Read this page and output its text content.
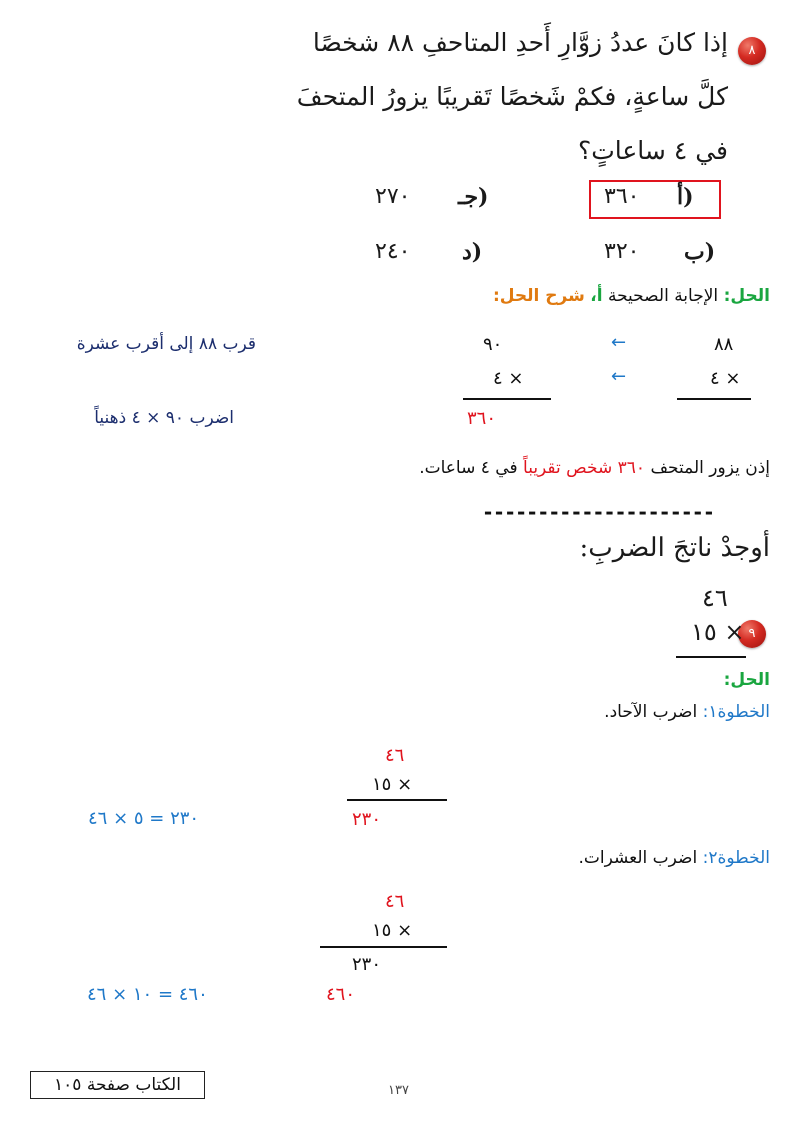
٨
إذا كانَ عددُ زوَّارِ أَحدِ المتاحفِ ٨٨ شخصًا
كلَّ ساعةٍ، فكمْ شَخصًا تَقريبًا يزورُ المتحفَ
في ٤ ساعاتٍ؟
أ)
٣٦٠
جـ)
٢٧٠
ب)
٣٢٠
د)
٢٤٠
الحل: الإجابة الصحيحة أ، شرح الحل:
٨٨
←
٩٠
قرب ٨٨ إلى أقرب عشرة
٤ ×
←
٤ ×
٣٦٠
اضرب ٩٠ × ٤ ذهنياً
إذن يزور المتحف ٣٦٠ شخص تقريباً في ٤ ساعات.
---------------------
أوجدْ ناتجَ الضربِ:
٤٦
٩
١٥ ×
الحل:
الخطوة١: اضرب الآحاد.
٤٦
١٥ ×
٢٣٠
٢٣٠ = ٥ × ٤٦
الخطوة٢: اضرب العشرات.
٤٦
١٥ ×
٢٣٠
٤٦٠
٤٦٠ = ١٠ × ٤٦
١٣٧
الكتاب صفحة ١٠٥
